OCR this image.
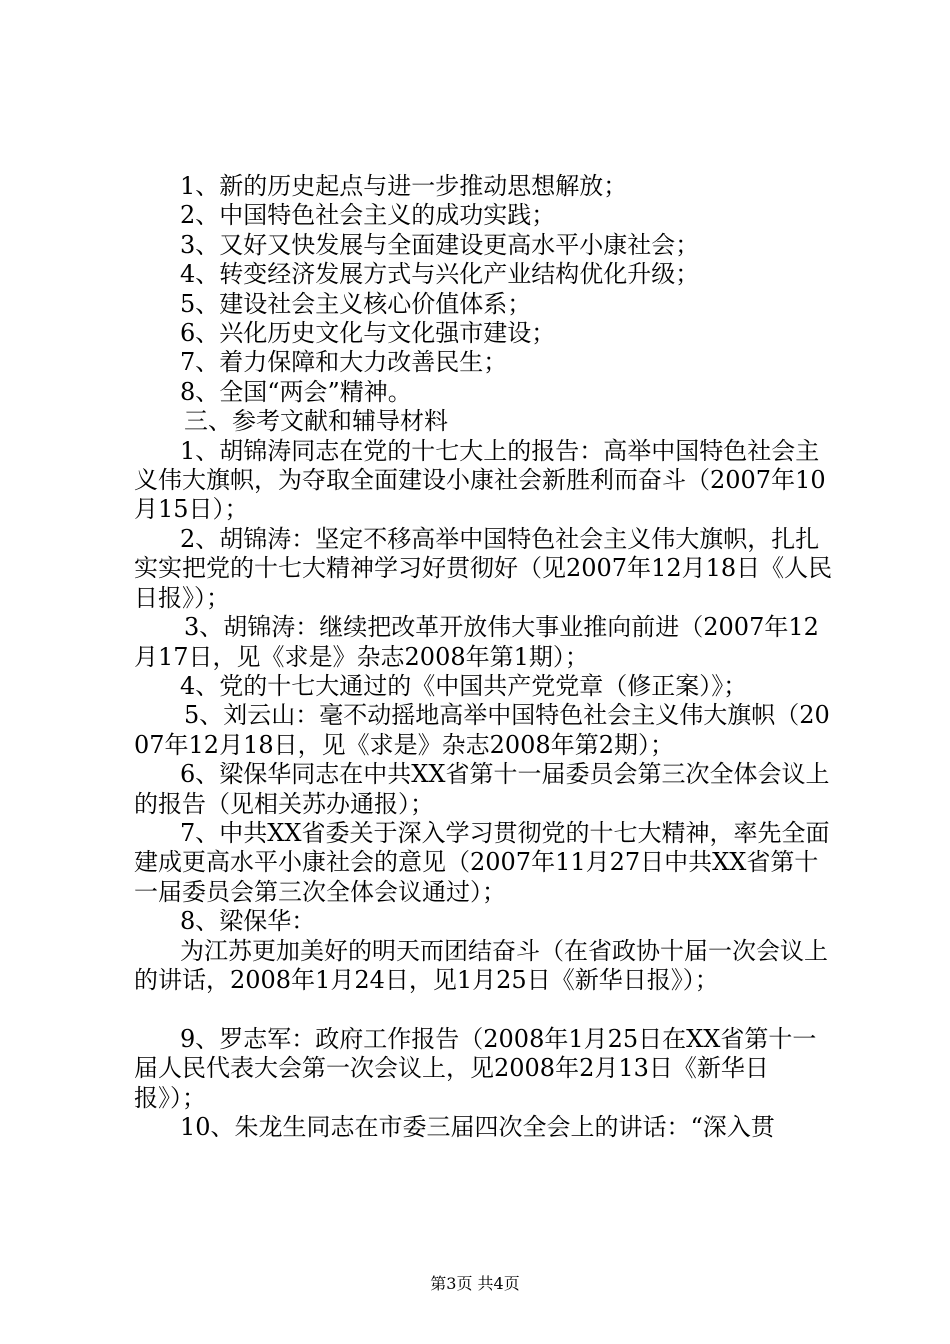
1、新的历史起点与进一步推动思想解放；

2、中国特色社会主义的成功实践；

3、又好又快发展与全面建设更高水平小康社会；

4、转变经济发展方式与兴化产业结构优化升级；

5、建设社会主义核心价值体系；

6、兴化历史文化与文化强市建设；

7、着力保障和大力改善民生；

8、全国“两会”精神。

三、参考文献和辅导材料

1、胡锦涛同志在党的十七大上的报告：高举中国特色社会主义伟大旗帜，为夺取全面建设小康社会新胜利而奋斗（2007年10月15日）；

2、胡锦涛：坚定不移高举中国特色社会主义伟大旗帜，扎扎实实把党的十七大精神学习好贯彻好（见2007年12月18日《人民日报》）；

3、胡锦涛：继续把改革开放伟大事业推向前进（2007年12月17日，见《求是》杂志2008年第1期）；

4、党的十七大通过的《中国共产党党章（修正案）》；

5、刘云山：毫不动摇地高举中国特色社会主义伟大旗帜（2007年12月18日，见《求是》杂志2008年第2期）；

6、梁保华同志在中共XX省第十一届委员会第三次全体会议上的报告（见相关苏办通报）；

7、中共XX省委关于深入学习贯彻党的十七大精神，率先全面建成更高水平小康社会的意见（2007年11月27日中共XX省第十一届委员会第三次全体会议通过）；

8、梁保华：

为江苏更加美好的明天而团结奋斗（在省政协十届一次会议上的讲话，2008年1月24日，见1月25日《新华日报》）；

9、罗志军：政府工作报告（2008年1月25日在XX省第十一届人民代表大会第一次会议上，见2008年2月13日《新华日报》）；

10、朱龙生同志在市委三届四次全会上的讲话：“深入贯

第3页 共4页
